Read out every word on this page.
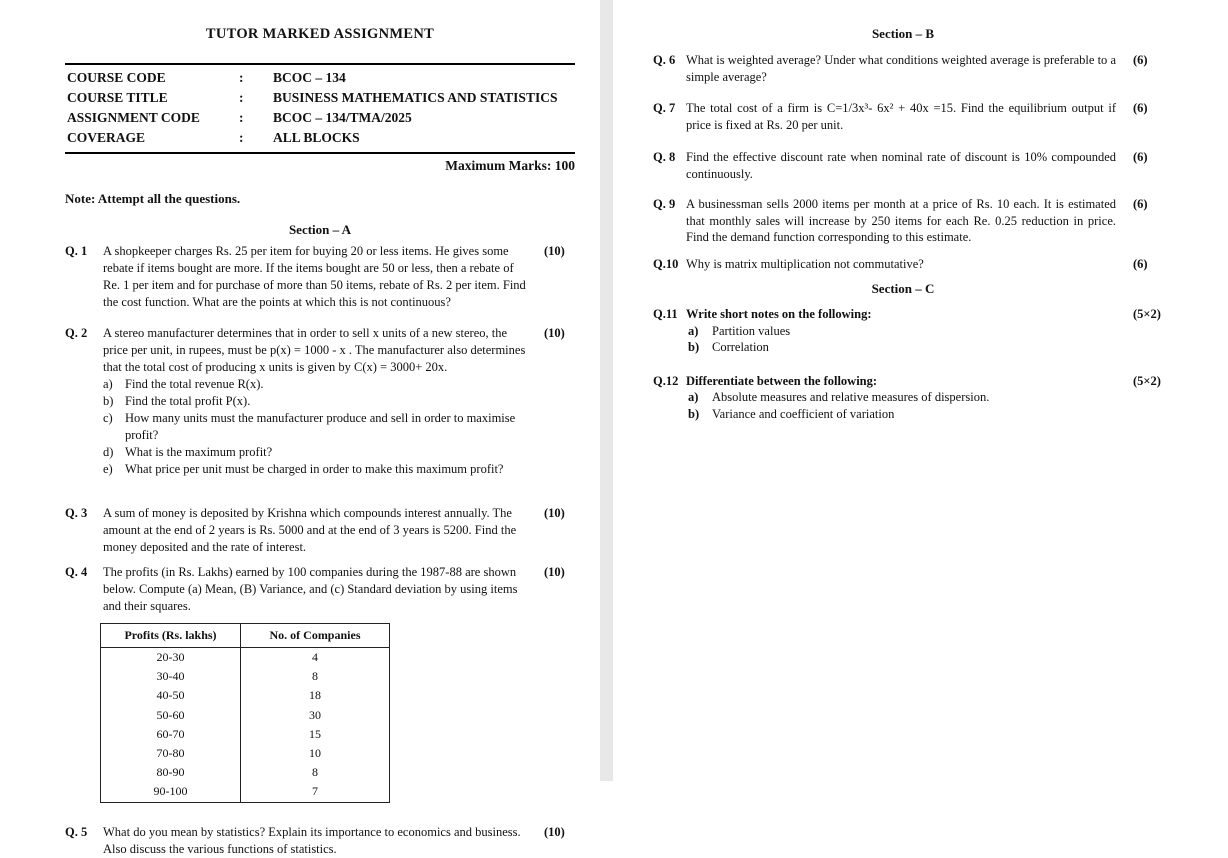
TUTOR MARKED ASSIGNMENT
COURSE CODE	:	BCOC – 134
COURSE TITLE	:	BUSINESS MATHEMATICS AND STATISTICS
ASSIGNMENT CODE	:	BCOC – 134/TMA/2025
COVERAGE	:	ALL BLOCKS
Maximum Marks: 100
Note: Attempt all the questions.
Section – A
Q. 1	A shopkeeper charges Rs. 25 per item for buying 20 or less items. He gives some rebate if items bought are more. If the items bought are 50 or less, then a rebate of Re. 1 per item and for purchase of more than 50 items, rebate of Rs. 2 per item. Find the cost function. What are the points at which this is not continuous?
(10)
Q. 2	A stereo manufacturer determines that in order to sell x units of a new stereo, the price per unit, in rupees, must be p(x) = 1000 - x . The manufacturer also determines that the total cost of producing x units is given by C(x) = 3000+ 20x.
a) Find the total revenue R(x).
b) Find the total profit P(x).
c) How many units must the manufacturer produce and sell in order to maximise profit?
d) What is the maximum profit?
e) What price per unit must be charged in order to make this maximum profit?
(10)
Q. 3	A sum of money is deposited by Krishna which compounds interest annually. The amount at the end of 2 years is Rs. 5000 and at the end of 3 years is 5200. Find the money deposited and the rate of interest.
(10)
Q. 4	The profits (in Rs. Lakhs) earned by 100 companies during the 1987-88 are shown below. Compute (a) Mean, (B) Variance, and (c) Standard deviation by using items and their squares.
(10)
Profits (Rs. lakhs)	No. of Companies
20-30	4
30-40	8
40-50	18
50-60	30
60-70	15
70-80	10
80-90	8
90-100	7
Q. 5	What do you mean by statistics? Explain its importance to economics and business. Also discuss the various functions of statistics.
(10)
Section – B
Q. 6 What is weighted average? Under what conditions weighted average is preferable to a simple average?
(6)
Q. 7 The total cost of a firm is C=1/3x³- 6x² + 40x =15. Find the equilibrium output if price is fixed at Rs. 20 per unit.
(6)
Q. 8 Find the effective discount rate when nominal rate of discount is 10% compounded continuously.
(6)
Q. 9 A businessman sells 2000 items per month at a price of Rs. 10 each. It is estimated that monthly sales will increase by 250 items for each Re. 0.25 reduction in price. Find the demand function corresponding to this estimate.
(6)
Q.10 Why is matrix multiplication not commutative?	(6)
Section – C
Q.11 Write short notes on the following:
a)	Partition values
b)	Correlation
(5×2)
Q.12 Differentiate between the following:
a)	Absolute measures and relative measures of dispersion.
b)	Variance and coefficient of variation
(5×2)
